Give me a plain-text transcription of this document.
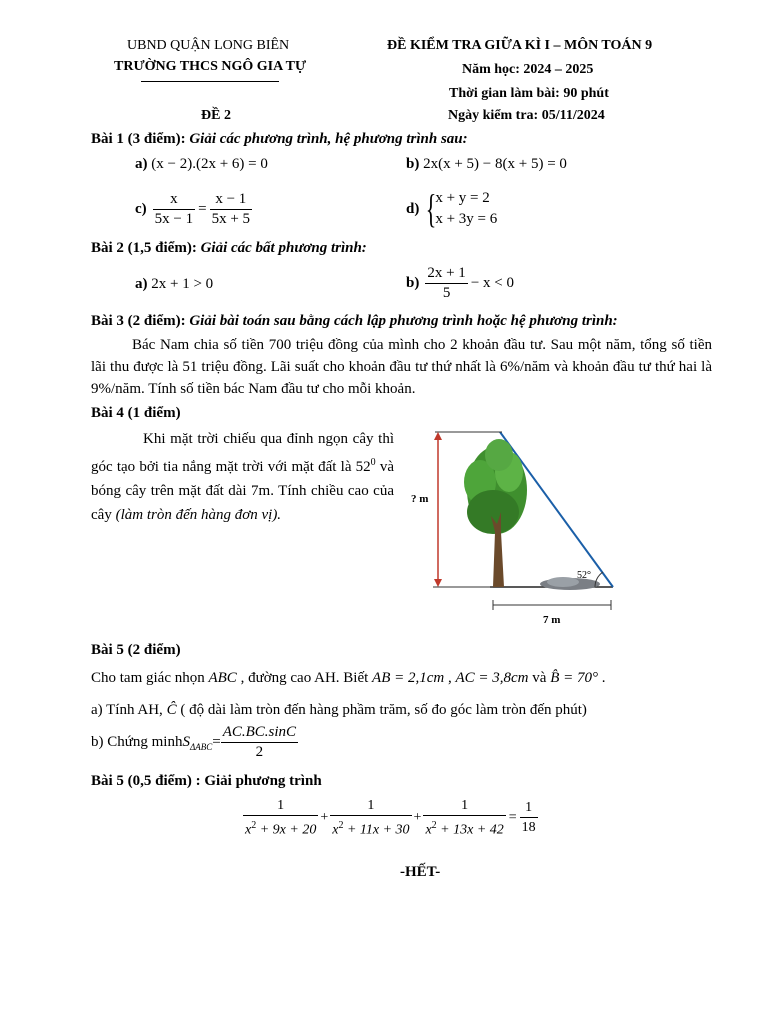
UBND QUẬN LONG BIÊN
TRƯỜNG THCS NGÔ GIA TỰ
ĐỀ KIỂM TRA GIỮA KÌ I – MÔN TOÁN 9
Năm học: 2024 – 2025
Thời gian làm bài: 90 phút
ĐỀ 2	Ngày kiểm tra: 05/11/2024
Bài 1 (3 điểm): Giải các phương trình, hệ phương trình sau:
a) (x − 2).(2x + 6) = 0	b) 2x(x + 5) − 8(x + 5) = 0
$c) \frac{x}{5x - 1} = \frac{x - 1}{5x + 5}$	d) {
x + y = 2
x + 3y = 6
Bài 2 (1,5 điểm): Giải các bất phương trình:
a) 2x + 1 > 0	$b) \frac{2x + 1}{5} - x < 0$
Bài 3 (2 điểm): Giải bài toán sau bằng cách lập phương trình hoặc hệ phương trình:
Bác Nam chia số tiền 700 triệu đồng của mình cho 2 khoản đầu tư. Sau một năm, tổng số tiền lãi thu được là 51 triệu đồng. Lãi suất cho khoản đầu tư thứ nhất là 6%/năm và khoản đầu tư thứ hai là 9%/năm. Tính số tiền bác Nam đầu tư cho mỗi khoản.
Bài 4 (1 điểm)
Khi mặt trời chiếu qua đỉnh ngọn cây thì góc tạo bởi tia nắng mặt trời với mặt đất là $52^0$ và bóng cây trên mặt đất dài 7m. Tính chiều cao của cây (làm tròn đến hàng đơn vị).
? m
52°
7 m
Bài 5 (2 điểm)
Cho tam giác nhọn ABC , đường cao AH. Biết AB = 2,1cm , AC = 3,8cm và B̂ = 70° .
a) Tính AH, Ĉ ( độ dài làm tròn đến hàng phầm trăm, số đo góc làm tròn đến phút)
b) Chứng minh $S_{\Delta ABC} = \frac{AC.BC.\sin C}{2}$
Bài 5 (0,5 điểm) : Giải phương trình
$\frac{1}{x^2 + 9x + 20} + \frac{1}{x^2 + 11x + 30} + \frac{1}{x^2 + 13x + 42} = \frac{1}{18}$
-HẾT-
